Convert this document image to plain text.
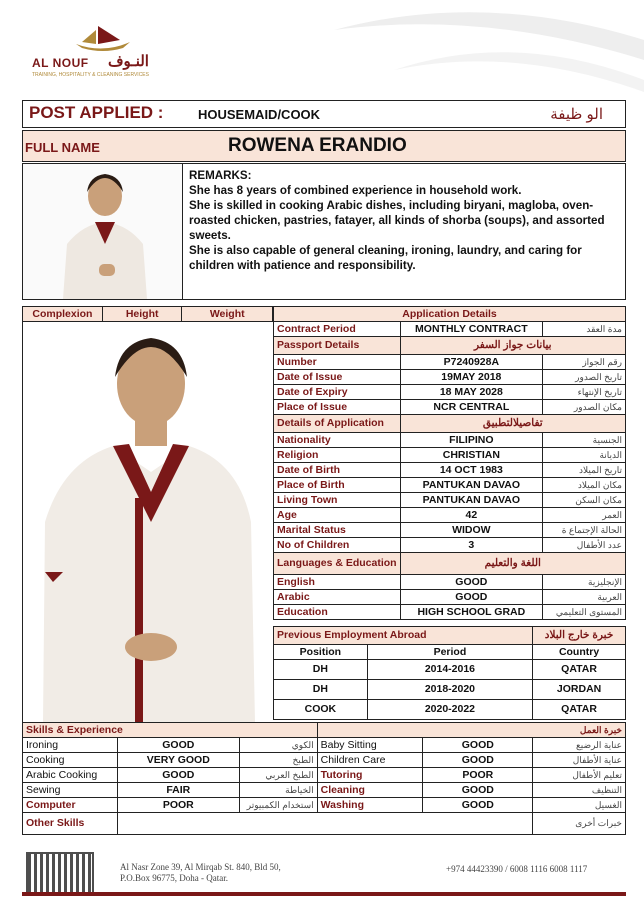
AL NOUF النـوف
TRAINING, HOSPITALITY & CLEANING SERVICES
POST APPLIED :	HOUSEMAID/COOK	الو ظيفة
FULL NAME	ROWENA ERANDIO
REMARKS:
She has 8 years of combined experience in household work.
She is skilled in cooking Arabic dishes, including biryani, magloba, oven-roasted chicken, pastries, fatayer, all kinds of shorba (soups), and assorted sweets.
She is also capable of general cleaning, ironing, laundry, and caring for children with patience and responsibility.
Complexion	Height	Weight	Application Details		
Contract Period	MONTHLY CONTRACT	مدة العقد
Passport Details	بيانات جواز السفر	
Number	P7240928A	رقم الجواز
Date of Issue	19MAY 2018	تاريخ الصدور
Date of Expiry	18 MAY 2028	تاريخ الإنتهاء
Place of Issue	NCR CENTRAL	مكان الصدور
Details of Application	تفاصيلالتطبيق	
Nationality	FILIPINO	الجنسية
Religion	CHRISTIAN	الديانة
Date of Birth	14 OCT 1983	تاريخ الميلاد
Place of Birth	PANTUKAN DAVAO	مكان الميلاد
Living Town	PANTUKAN DAVAO	مكان السكن
Age	42	العمر
Marital Status	WIDOW	الحالة الإجتماع ة
No of Children	3	عدد الأطفال
Languages & Education	اللغة والتعليم	
English	GOOD	الإنجليزية
Arabic	GOOD	العربية
Education	HIGH SCHOOL GRAD	المستوى التعليمي
Previous Employment Abroad		خبرة خارج البلاد
Position	Period	Country
DH	2014-2016	QATAR
DH	2018-2020	JORDAN
COOK	2020-2022	QATAR
Skills & Experience			خبرة العمل		
Ironing	GOOD	الكوي	Baby Sitting	GOOD	عناية الرضيع
Cooking	VERY GOOD	الطبخ	Children Care	GOOD	عناية الأطفال
Arabic Cooking	GOOD	الطبخ العربي	Tutoring	POOR	تعليم الأطفال
Sewing	FAIR	الخياطة	Cleaning	GOOD	التنظيف
Computer	POOR	استخدام الكمبيوتر	Washing	GOOD	الغسيل
Other Skills					خبرات أخرى
Al Nasr Zone 39, Al Mirqab St. 840, Bld 50,
P.O.Box 96775, Doha - Qatar.
+974 44423390 / 6008 1116 6008 1117
